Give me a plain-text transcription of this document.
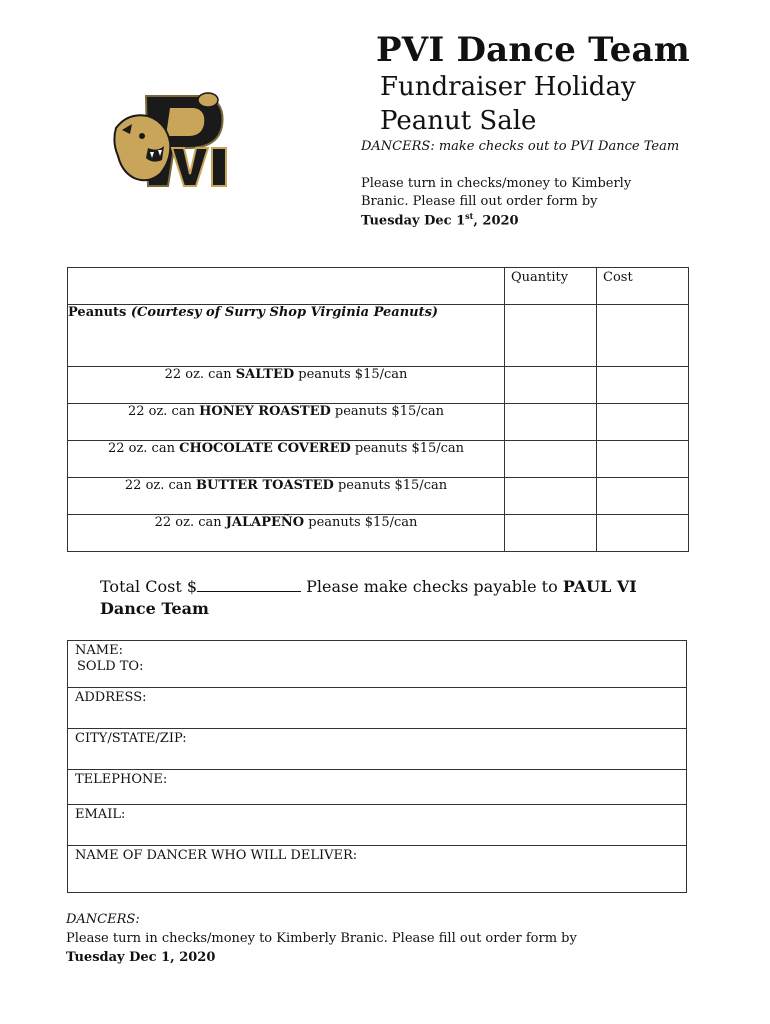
PVI Dance Team
Fundraiser Holiday
Peanut Sale
DANCERS: make checks out to PVI Dance Team
Please turn in checks/money to Kimberly Branic. Please fill out order form by
Tuesday Dec 1st, 2020

	Quantity	Cost

Peanuts (Courtesy of Surry Shop Virginia Peanuts)		
22 oz. can SALTED peanuts $15/can		
22 oz. can HONEY ROASTED peanuts $15/can		
22 oz. can CHOCOLATE COVERED peanuts $15/can		
22 oz. can BUTTER TOASTED peanuts $15/can		
22 oz. can JALAPEÑO peanuts $15/can		
Total Cost $	Please make checks payable to PAUL VI Dance Team
NAME:
SOLD TO:

ADDRESS:
CITY/STATE/ZIP:
TELEPHONE:
EMAIL:
NAME OF DANCER WHO WILL DELIVER:
DANCERS:
Please turn in checks/money to Kimberly Branic. Please fill out order form by
Tuesday Dec 1, 2020
